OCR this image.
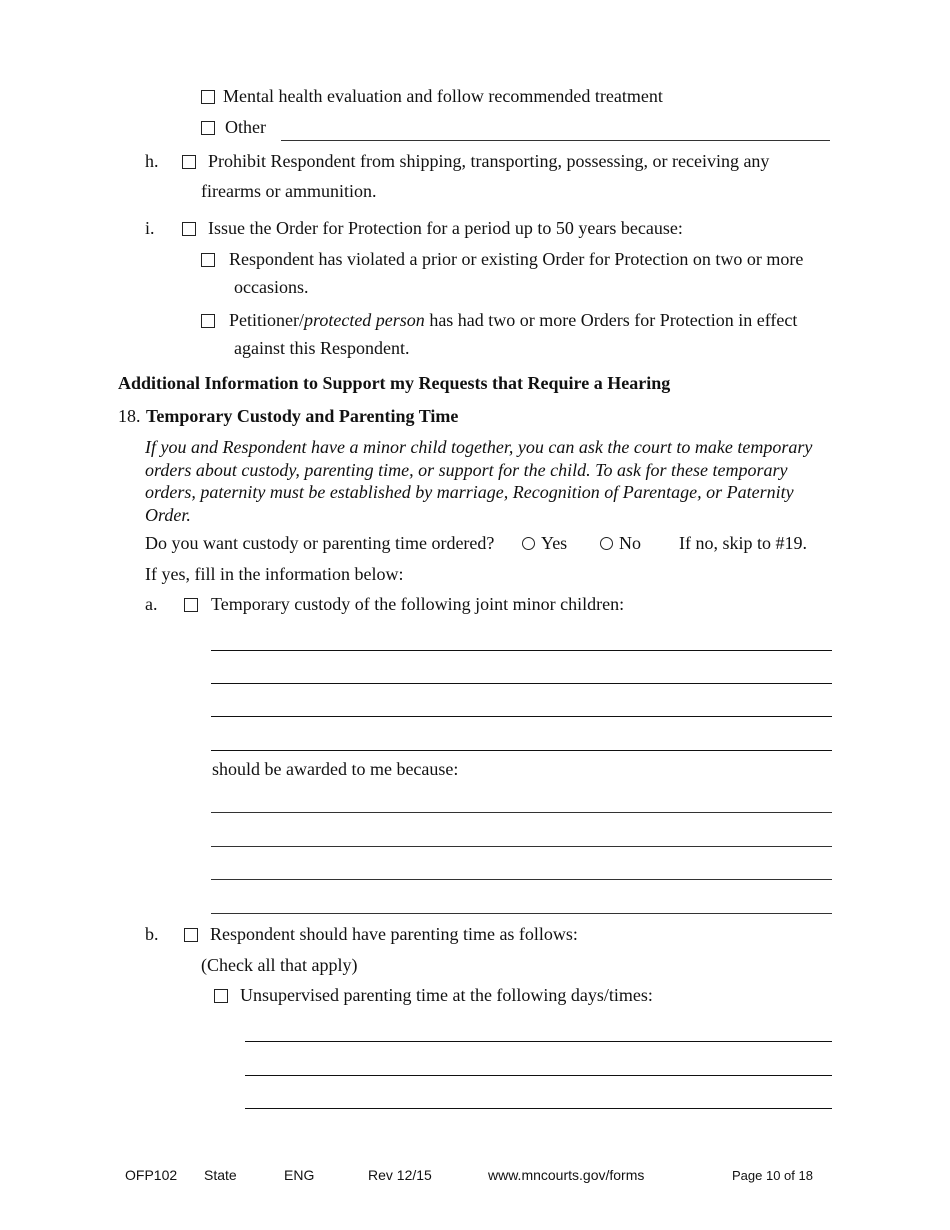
Mental health evaluation and follow recommended treatment
Other
h.	Prohibit Respondent from shipping, transporting, possessing, or receiving any
firearms or ammunition.
i.	Issue the Order for Protection for a period up to 50 years because:
Respondent has violated a prior or existing Order for Protection on two or more
occasions.
Petitioner/protected person has had two or more Orders for Protection in effect
against this Respondent.
Additional Information to Support my Requests that Require a Hearing
18. Temporary Custody and Parenting Time
If you and Respondent have a minor child together, you can ask the court to make temporary orders about custody, parenting time, or support for the child. To ask for these temporary orders, paternity must be established by marriage, Recognition of Parentage, or Paternity Order.
Do you want custody or parenting time ordered?	Yes	No If no, skip to #19.
If yes, fill in the information below:
a.	Temporary custody of the following joint minor children:
should be awarded to me because:
b.	Respondent should have parenting time as follows:
(Check all that apply)
Unsupervised parenting time at the following days/times:
OFP102 State	ENG	Rev 12/15	www.mncourts.gov/forms	Page 10 of 18
